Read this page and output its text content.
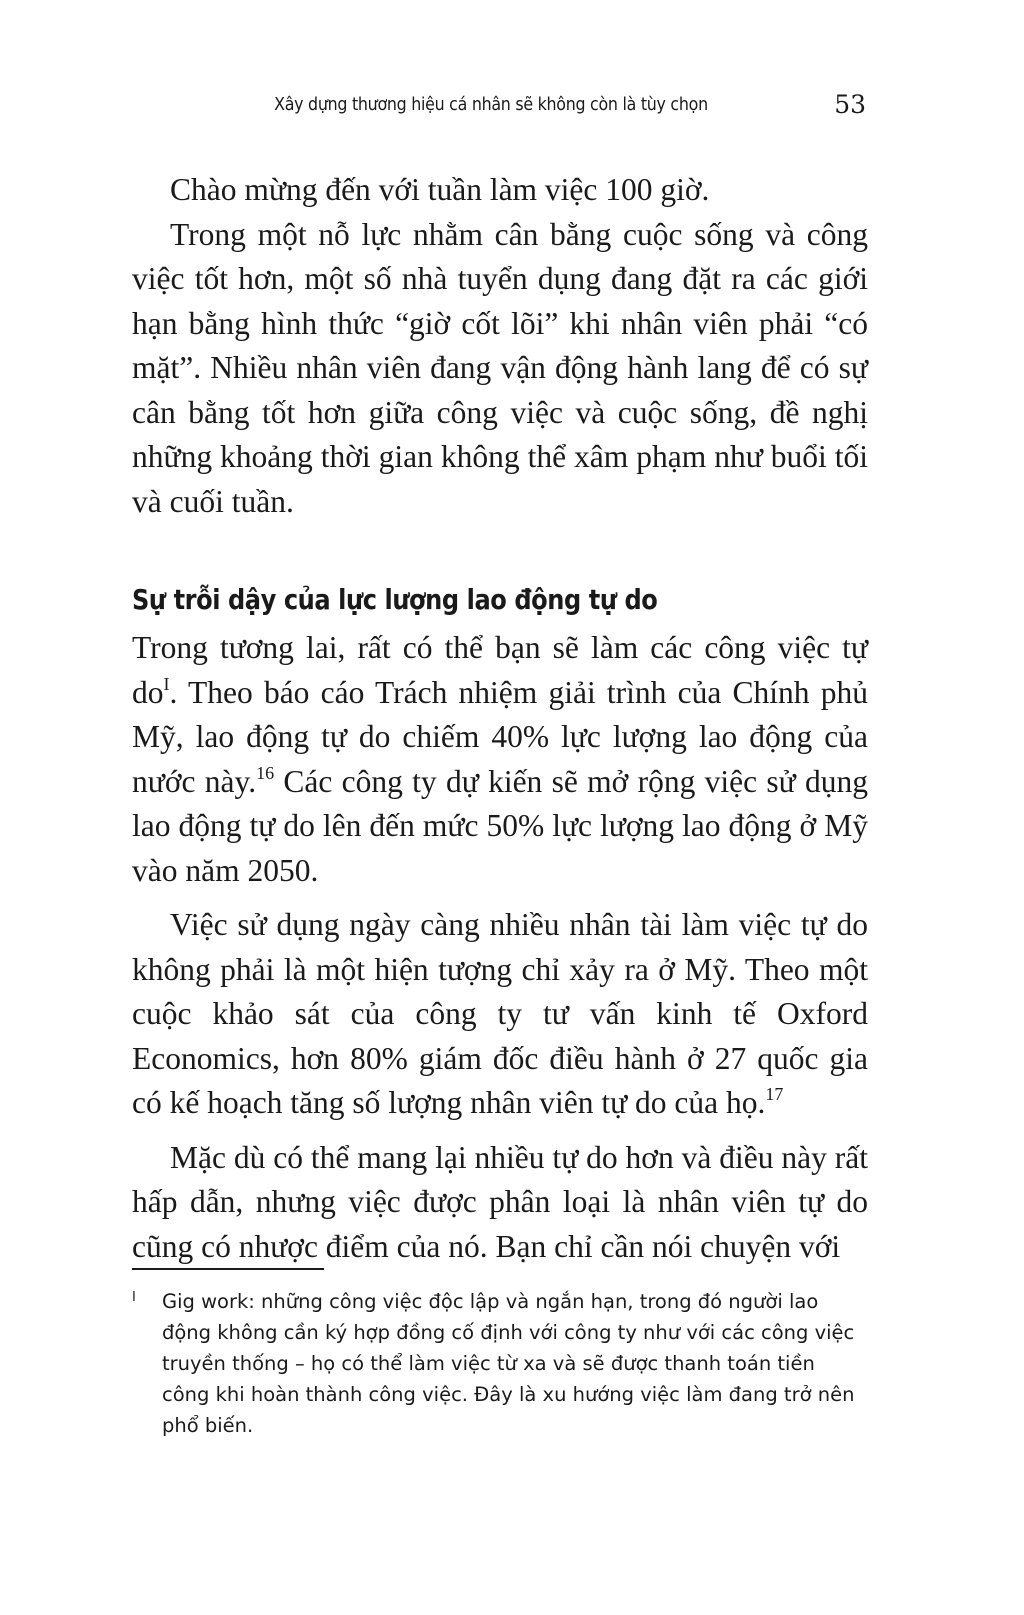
Xây dựng thương hiệu cá nhân sẽ không còn là tùy chọn	53

Chào mừng đến với tuần làm việc 100 giờ.

Trong một nỗ lực nhằm cân bằng cuộc sống và công việc tốt hơn, một số nhà tuyển dụng đang đặt ra các giới hạn bằng hình thức “giờ cốt lõi” khi nhân viên phải “có mặt”. Nhiều nhân viên đang vận động hành lang để có sự cân bằng tốt hơn giữa công việc và cuộc sống, đề nghị những khoảng thời gian không thể xâm phạm như buổi tối và cuối tuần.

Sự trỗi dậy của lực lượng lao động tự do

Trong tương lai, rất có thể bạn sẽ làm các công việc tự $do^I$. Theo báo cáo Trách nhiệm giải trình của Chính phủ Mỹ, lao động tự do chiếm 40% lực lượng lao động của nước này.$^{16}$ Các công ty dự kiến sẽ mở rộng việc sử dụng lao động tự do lên đến mức 50% lực lượng lao động ở Mỹ vào năm 2050.

Việc sử dụng ngày càng nhiều nhân tài làm việc tự do không phải là một hiện tượng chỉ xảy ra ở Mỹ. Theo một cuộc khảo sát của công ty tư vấn kinh tế Oxford Economics, hơn 80% giám đốc điều hành ở 27 quốc gia có kế hoạch tăng số lượng nhân viên tự do của họ.$^{17}$

Mặc dù có thể mang lại nhiều tự do hơn và điều này rất hấp dẫn, nhưng việc được phân loại là nhân viên tự do cũng có nhược điểm của nó. Bạn chỉ cần nói chuyện với

I Gig work: những công việc độc lập và ngắn hạn, trong đó người lao động không cần ký hợp đồng cố định với công ty như với các công việc truyền thống – họ có thể làm việc từ xa và sẽ được thanh toán tiền công khi hoàn thành công việc. Đây là xu hướng việc làm đang trở nên phổ biến.
